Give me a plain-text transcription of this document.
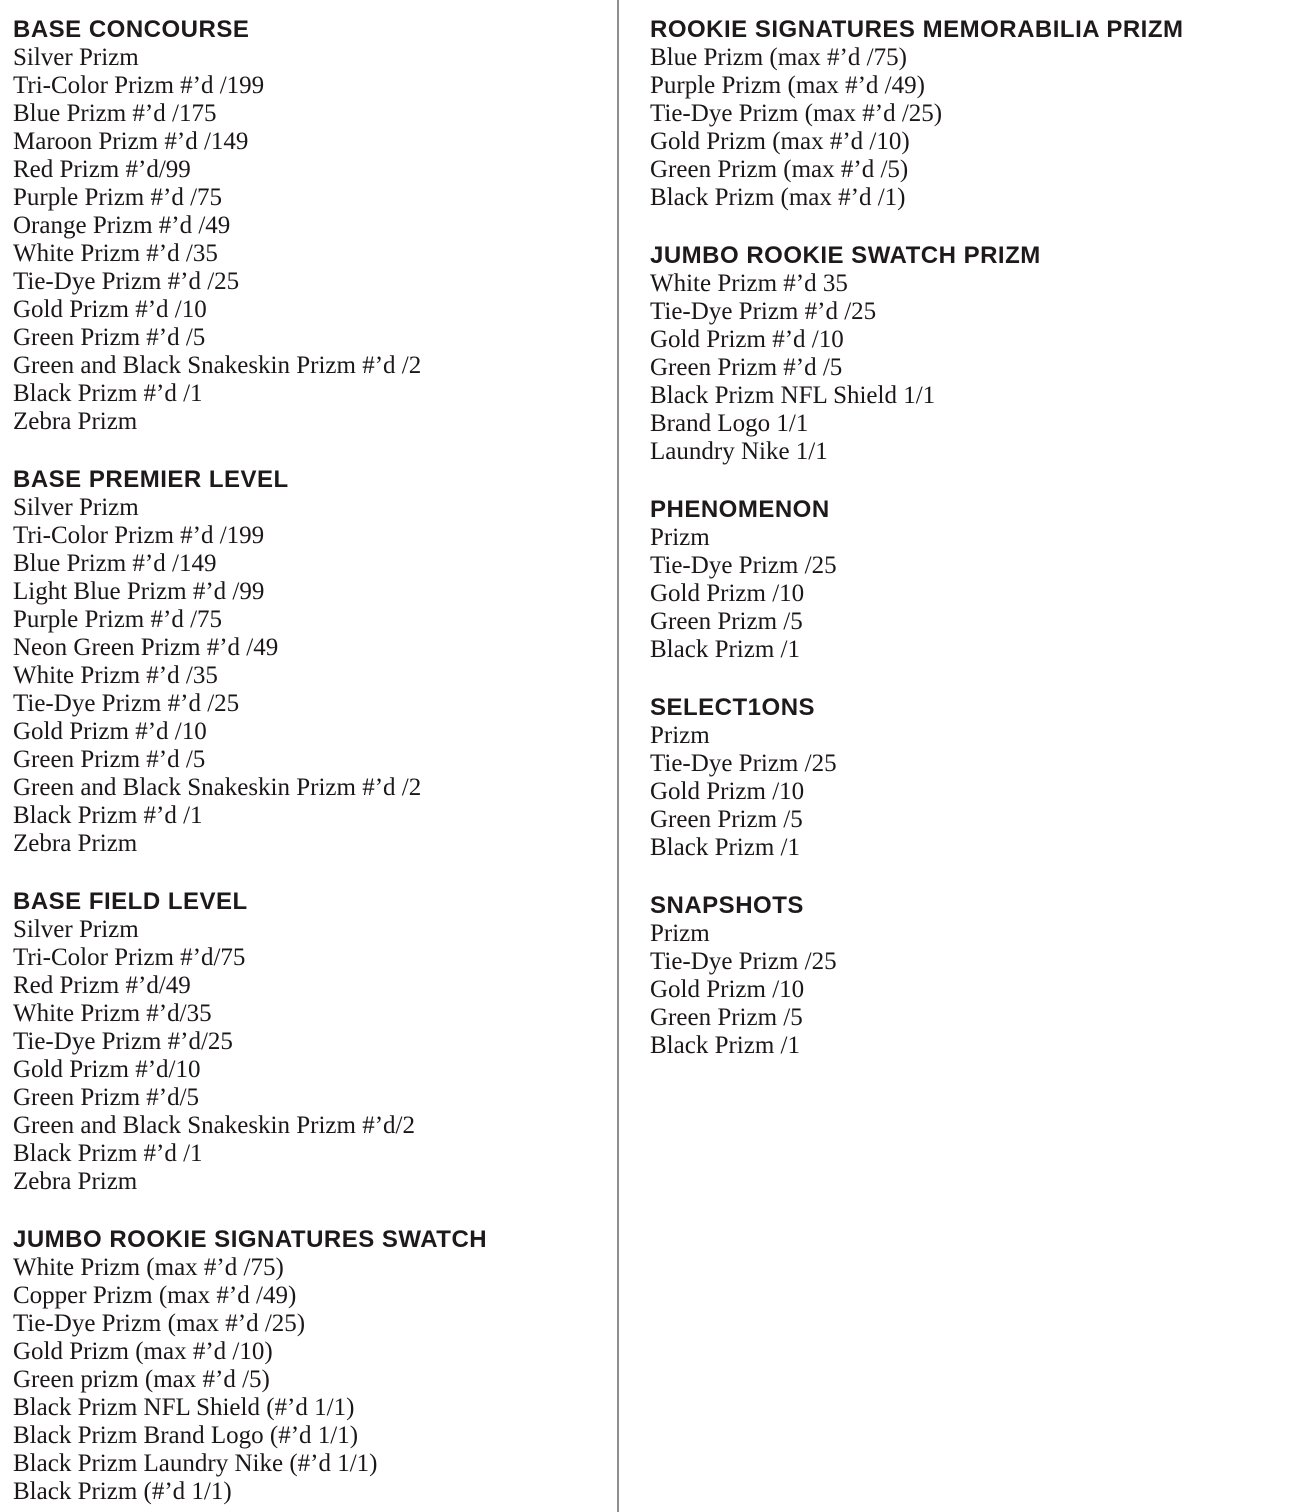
BASE CONCOURSE

Silver Prizm

Tri-Color Prizm #’d /199

Blue Prizm #’d /175

Maroon Prizm #’d /149

Red Prizm #’d/99

Purple Prizm #’d /75

Orange Prizm #’d /49

White Prizm #’d /35

Tie-Dye Prizm #’d /25

Gold Prizm #’d /10

Green Prizm #’d /5

Green and Black Snakeskin Prizm #’d /2

Black Prizm #’d /1

Zebra Prizm

BASE PREMIER LEVEL

Silver Prizm

Tri-Color Prizm #’d /199

Blue Prizm #’d /149

Light Blue Prizm #’d /99

Purple Prizm #’d /75

Neon Green Prizm #’d /49

White Prizm #’d /35

Tie-Dye Prizm #’d /25

Gold Prizm #’d /10

Green Prizm #’d /5

Green and Black Snakeskin Prizm #’d /2

Black Prizm #’d /1

Zebra Prizm

BASE FIELD LEVEL

Silver Prizm

Tri-Color Prizm #’d/75

Red Prizm #’d/49

White Prizm #’d/35

Tie-Dye Prizm #’d/25

Gold Prizm #’d/10

Green Prizm #’d/5

Green and Black Snakeskin Prizm #’d/2

Black Prizm #’d /1

Zebra Prizm

JUMBO ROOKIE SIGNATURES SWATCH

White Prizm (max #’d /75)

Copper Prizm (max #’d /49)

Tie-Dye Prizm (max #’d /25)

Gold Prizm (max #’d /10)

Green prizm (max #’d /5)

Black Prizm NFL Shield (#’d 1/1)

Black Prizm Brand Logo (#’d 1/1)

Black Prizm Laundry Nike (#’d 1/1)

Black Prizm (#’d 1/1)

ROOKIE SIGNATURES MEMORABILIA PRIZM

Blue Prizm (max #’d /75)

Purple Prizm (max #’d /49)

Tie-Dye Prizm (max #’d /25)

Gold Prizm (max #’d /10)

Green Prizm (max #’d /5)

Black Prizm (max #’d /1)

JUMBO ROOKIE SWATCH PRIZM

White Prizm #’d 35

Tie-Dye Prizm #’d /25

Gold Prizm #’d /10

Green Prizm #’d /5

Black Prizm NFL Shield 1/1

Brand Logo 1/1

Laundry Nike 1/1

PHENOMENON

Prizm

Tie-Dye Prizm /25

Gold Prizm /10

Green Prizm /5

Black Prizm /1

SELECT1ONS

Prizm

Tie-Dye Prizm /25

Gold Prizm /10

Green Prizm /5

Black Prizm /1

SNAPSHOTS

Prizm

Tie-Dye Prizm /25

Gold Prizm /10

Green Prizm /5

Black Prizm /1
